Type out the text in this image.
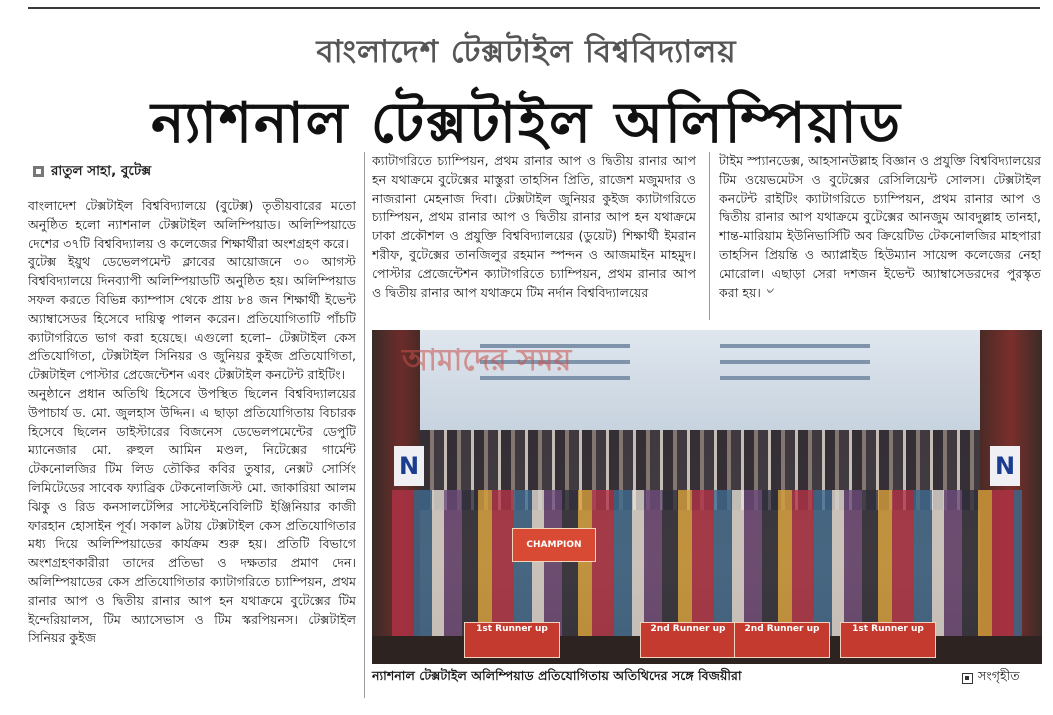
বাংলাদেশ টেক্সটাইল বিশ্ববিদ্যালয়
ন্যাশনাল টেক্সটাইল অলিম্পিয়াড
রাতুল সাহা, বুটেক্স

বাংলাদেশ টেক্সটাইল বিশ্ববিদ্যালয়ে (বুটেক্স) তৃতীয়বারের মতো অনুষ্ঠিত হলো ন্যাশনাল টেক্সটাইল অলিম্পিয়াড। অলিম্পিয়াডে দেশের ৩৭টি বিশ্ববিদ্যালয় ও কলেজের শিক্ষার্থীরা অংশগ্রহণ করে।

বুটেক্স ইয়ুথ ডেভেলপমেন্ট ক্লাবের আয়োজনে ৩০ আগস্ট বিশ্ববিদ্যালয়ে দিনব্যাপী অলিম্পিয়াডটি অনুষ্ঠিত হয়। অলিম্পিয়াড সফল করতে বিভিন্ন ক্যাম্পাস থেকে প্রায় ৮৪ জন শিক্ষার্থী ইভেন্ট অ্যাম্বাসেডর হিসেবে দায়িত্ব পালন করেন। প্রতিযোগিতাটি পাঁচটি ক্যাটাগরিতে ভাগ করা হয়েছে। এগুলো হলো– টেক্সটাইল কেস প্রতিযোগিতা, টেক্সটাইল সিনিয়র ও জুনিয়র কুইজ প্রতিযোগিতা, টেক্সটাইল পোস্টার প্রেজেন্টেশন এবং টেক্সটাইল কনটেন্ট রাইটিং।

অনুষ্ঠানে প্রধান অতিথি হিসেবে উপস্থিত ছিলেন বিশ্ববিদ্যালয়ের উপাচার্য ড. মো. জুলহাস উদ্দিন। এ ছাড়া প্রতিযোগিতায় বিচারক হিসেবে ছিলেন ডাইস্টারের বিজনেস ডেভেলপমেন্টের ডেপুটি ম্যানেজার মো. রুহুল আমিন মণ্ডল, নিটেক্সের গার্মেন্ট টেকনোলজির টিম লিড তৌকির কবির তুষার, নেক্সট সোর্সিং লিমিটেডের সাবেক ফ্যাব্রিক টেকনোলজিস্ট মো. জাকারিয়া আলম ঝিকু ও রিড কনসালটেন্সির সাস্টেইনেবিলিটি ইঞ্জিনিয়ার কাজী ফারহান হোসাইন পূর্ব। সকাল ৯টায় টেক্সটাইল কেস প্রতিযোগিতার মধ্য দিয়ে অলিম্পিয়াডের কার্যক্রম শুরু হয়। প্রতিটি বিভাগে অংশগ্রহণকারীরা তাদের প্রতিভা ও দক্ষতার প্রমাণ দেন। অলিম্পিয়াডের কেস প্রতিযোগিতার ক্যাটাগরিতে চ্যাম্পিয়ন, প্রথম রানার আপ ও দ্বিতীয় রানার আপ হন যথাক্রমে বুটেক্সের টিম ইন্দেরিয়ালস, টিম অ্যাসেভাস ও টিম স্করপিয়নস। টেক্সটাইল সিনিয়র কুইজ

ক্যাটাগরিতে চ্যাম্পিয়ন, প্রথম রানার আপ ও দ্বিতীয় রানার আপ হন যথাক্রমে বুটেক্সের মাস্তুরা তাহসিন প্রিতি, রাজেশ মজুমদার ও নাজরানা মেহনাজ দিবা। টেক্সটাইল জুনিয়র কুইজ ক্যাটাগরিতে চ্যাম্পিয়ন, প্রথম রানার আপ ও দ্বিতীয় রানার আপ হন যথাক্রমে ঢাকা প্রকৌশল ও প্রযুক্তি বিশ্ববিদ্যালয়ের (ডুয়েট) শিক্ষার্থী ইমরান শরীফ, বুটেক্সের তানজিলুর রহমান স্পন্দন ও আজমাইন মাহমুদ। পোস্টার প্রেজেন্টেশন ক্যাটাগরিতে চ্যাম্পিয়ন, প্রথম রানার আপ ও দ্বিতীয় রানার আপ যথাক্রমে টিম নর্দান বিশ্ববিদ্যালয়ের

টাইম স্প্যানডেক্স, আহসানউল্লাহ বিজ্ঞান ও প্রযুক্তি বিশ্ববিদ্যালয়ের টিম ওয়েভমেটস ও বুটেক্সের রেসিলিয়েন্ট সোলস। টেক্সটাইল কনটেন্ট রাইটিং ক্যাটাগরিতে চ্যাম্পিয়ন, প্রথম রানার আপ ও দ্বিতীয় রানার আপ যথাক্রমে বুটেক্সের আনজুম আবদুল্লাহ তানহা, শান্ত-মারিয়াম ইউনিভার্সিটি অব ক্রিয়েটিভ টেকনোলজির মাহপারা তাহসিন প্রিয়ন্তি ও অ্যাপ্লাইড হিউম্যান সায়েন্স কলেজের নেহা মোরোল। এছাড়া সেরা দশজন ইভেন্ট অ্যাম্বাসেডরদের পুরস্কৃত করা হয়। ৺

N	N
CHAMPION
1st Runner up	2nd Runner up	2nd Runner up	1st Runner up
আমাদের সময়
ন্যাশনাল টেক্সটাইল অলিম্পিয়াড প্রতিযোগিতায় অতিথিদের সঙ্গে বিজয়ীরা	সংগৃহীত
